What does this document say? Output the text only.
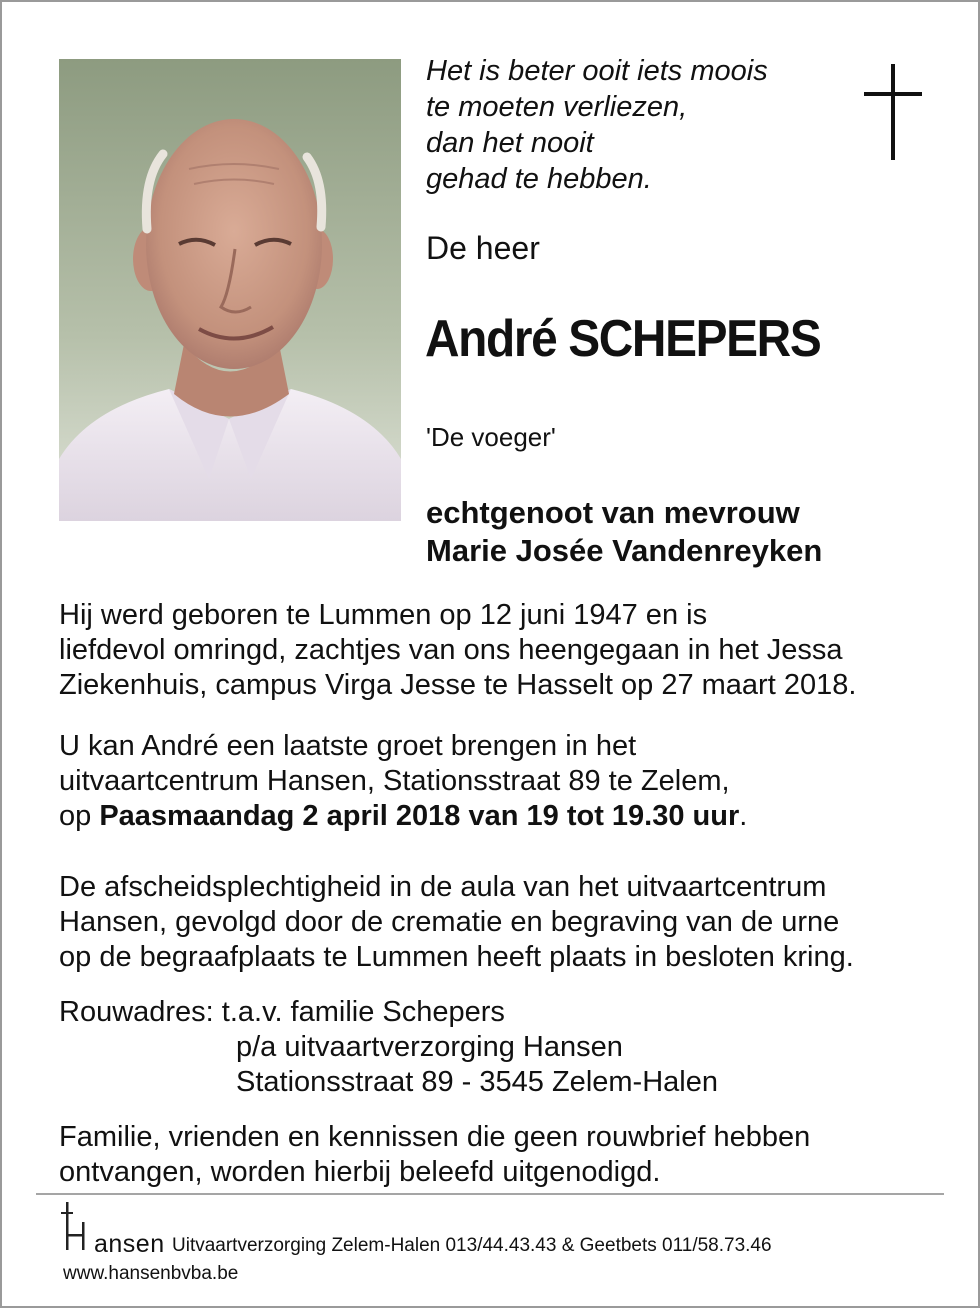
Het is beter ooit iets moois
te moeten verliezen,
dan het nooit
gehad te hebben.
De heer
André SCHEPERS
'De voeger'
echtgenoot van mevrouw
Marie Josée Vandenreyken
Hij werd geboren te Lummen op 12 juni 1947 en is
liefdevol omringd, zachtjes van ons heengegaan in het Jessa
Ziekenhuis, campus Virga Jesse te Hasselt op 27 maart 2018.
U kan André een laatste groet brengen in het
uitvaartcentrum Hansen, Stationsstraat 89 te Zelem,
op Paasmaandag 2 april 2018 van 19 tot 19.30 uur.
De afscheidsplechtigheid in de aula van het uitvaartcentrum
Hansen, gevolgd door de crematie en begraving van de urne
op de begraafplaats te Lummen heeft plaats in besloten kring.
Rouwadres: t.a.v. familie Schepers
p/a uitvaartverzorging Hansen
Stationsstraat 89 - 3545 Zelem-Halen
Familie, vrienden en kennissen die geen rouwbrief hebben
ontvangen, worden hierbij beleefd uitgenodigd.
ansen Uitvaartverzorging Zelem-Halen 013/44.43.43 & Geetbets 011/58.73.46
www.hansenbvba.be
